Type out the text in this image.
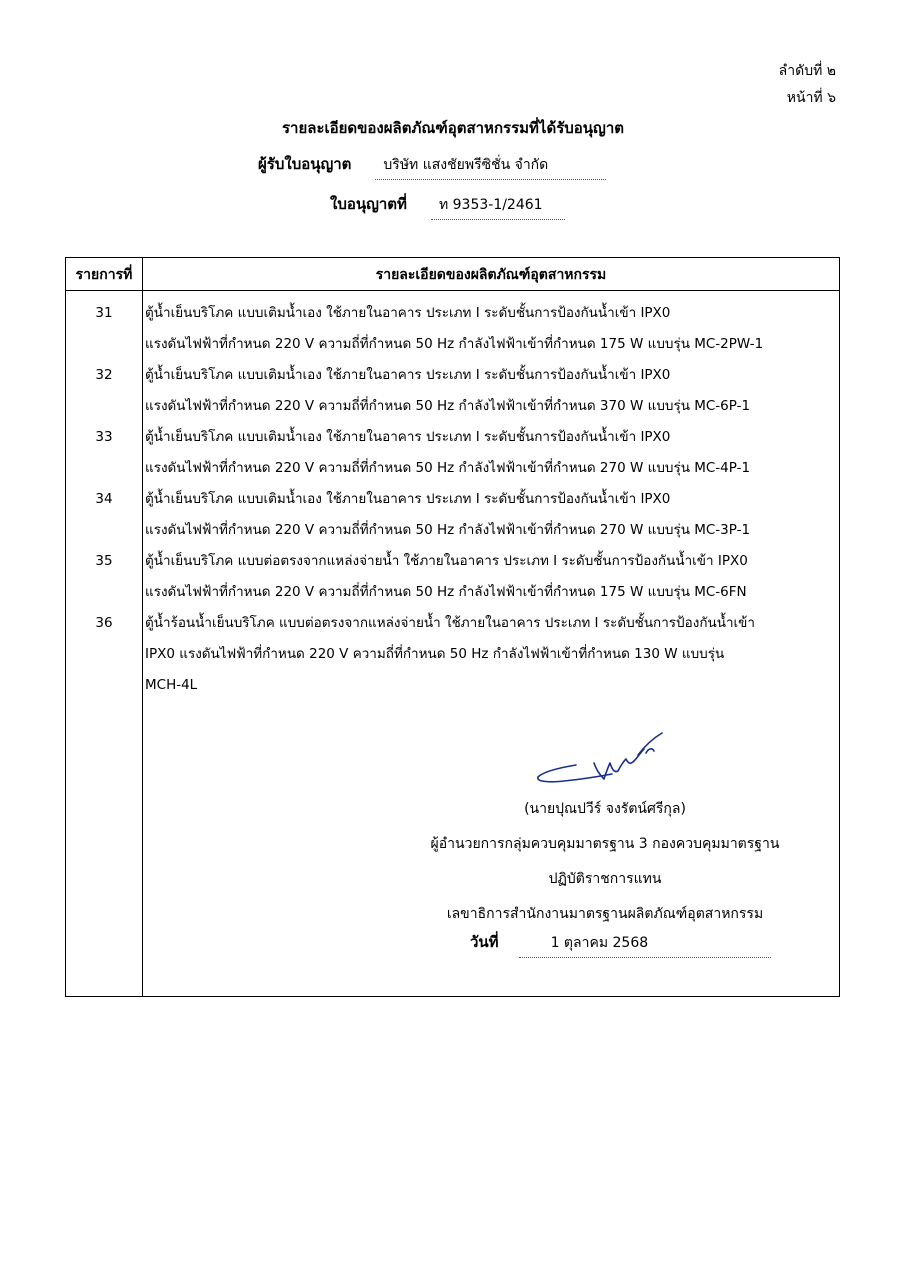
ลำดับที่ ๒
หน้าที่ ๖
รายละเอียดของผลิตภัณฑ์อุตสาหกรรมที่ได้รับอนุญาต
ผู้รับใบอนุญาต	บริษัท แสงชัยพรีซิชั่น จำกัด
ใบอนุญาตที่	ท 9353-1/2461
รายการที่	รายละเอียดของผลิตภัณฑ์อุตสาหกรรม
31	ตู้น้ำเย็นบริโภค แบบเติมน้ำเอง ใช้ภายในอาคาร ประเภท I ระดับชั้นการป้องกันน้ำเข้า IPX0
แรงดันไฟฟ้าที่กำหนด 220 V ความถี่ที่กำหนด 50 Hz กำลังไฟฟ้าเข้าที่กำหนด 175 W แบบรุ่น MC-2PW-1
32	ตู้น้ำเย็นบริโภค แบบเติมน้ำเอง ใช้ภายในอาคาร ประเภท I ระดับชั้นการป้องกันน้ำเข้า IPX0
แรงดันไฟฟ้าที่กำหนด 220 V ความถี่ที่กำหนด 50 Hz กำลังไฟฟ้าเข้าที่กำหนด 370 W แบบรุ่น MC-6P-1
33	ตู้น้ำเย็นบริโภค แบบเติมน้ำเอง ใช้ภายในอาคาร ประเภท I ระดับชั้นการป้องกันน้ำเข้า IPX0
แรงดันไฟฟ้าที่กำหนด 220 V ความถี่ที่กำหนด 50 Hz กำลังไฟฟ้าเข้าที่กำหนด 270 W แบบรุ่น MC-4P-1
34	ตู้น้ำเย็นบริโภค แบบเติมน้ำเอง ใช้ภายในอาคาร ประเภท I ระดับชั้นการป้องกันน้ำเข้า IPX0
แรงดันไฟฟ้าที่กำหนด 220 V ความถี่ที่กำหนด 50 Hz กำลังไฟฟ้าเข้าที่กำหนด 270 W แบบรุ่น MC-3P-1
35	ตู้น้ำเย็นบริโภค แบบต่อตรงจากแหล่งจ่ายน้ำ ใช้ภายในอาคาร ประเภท I ระดับชั้นการป้องกันน้ำเข้า IPX0
แรงดันไฟฟ้าที่กำหนด 220 V ความถี่ที่กำหนด 50 Hz กำลังไฟฟ้าเข้าที่กำหนด 175 W แบบรุ่น MC-6FN
36	ตู้น้ำร้อนน้ำเย็นบริโภค แบบต่อตรงจากแหล่งจ่ายน้ำ ใช้ภายในอาคาร ประเภท I ระดับชั้นการป้องกันน้ำเข้า
IPX0 แรงดันไฟฟ้าที่กำหนด 220 V ความถี่ที่กำหนด 50 Hz กำลังไฟฟ้าเข้าที่กำหนด 130 W แบบรุ่น
MCH-4L
(นายปุณปวีร์ จงรัตน์ศรีกุล)
ผู้อำนวยการกลุ่มควบคุมมาตรฐาน 3 กองควบคุมมาตรฐาน
ปฏิบัติราชการแทน
เลขาธิการสำนักงานมาตรฐานผลิตภัณฑ์อุตสาหกรรม
วันที่	1 ตุลาคม 2568
